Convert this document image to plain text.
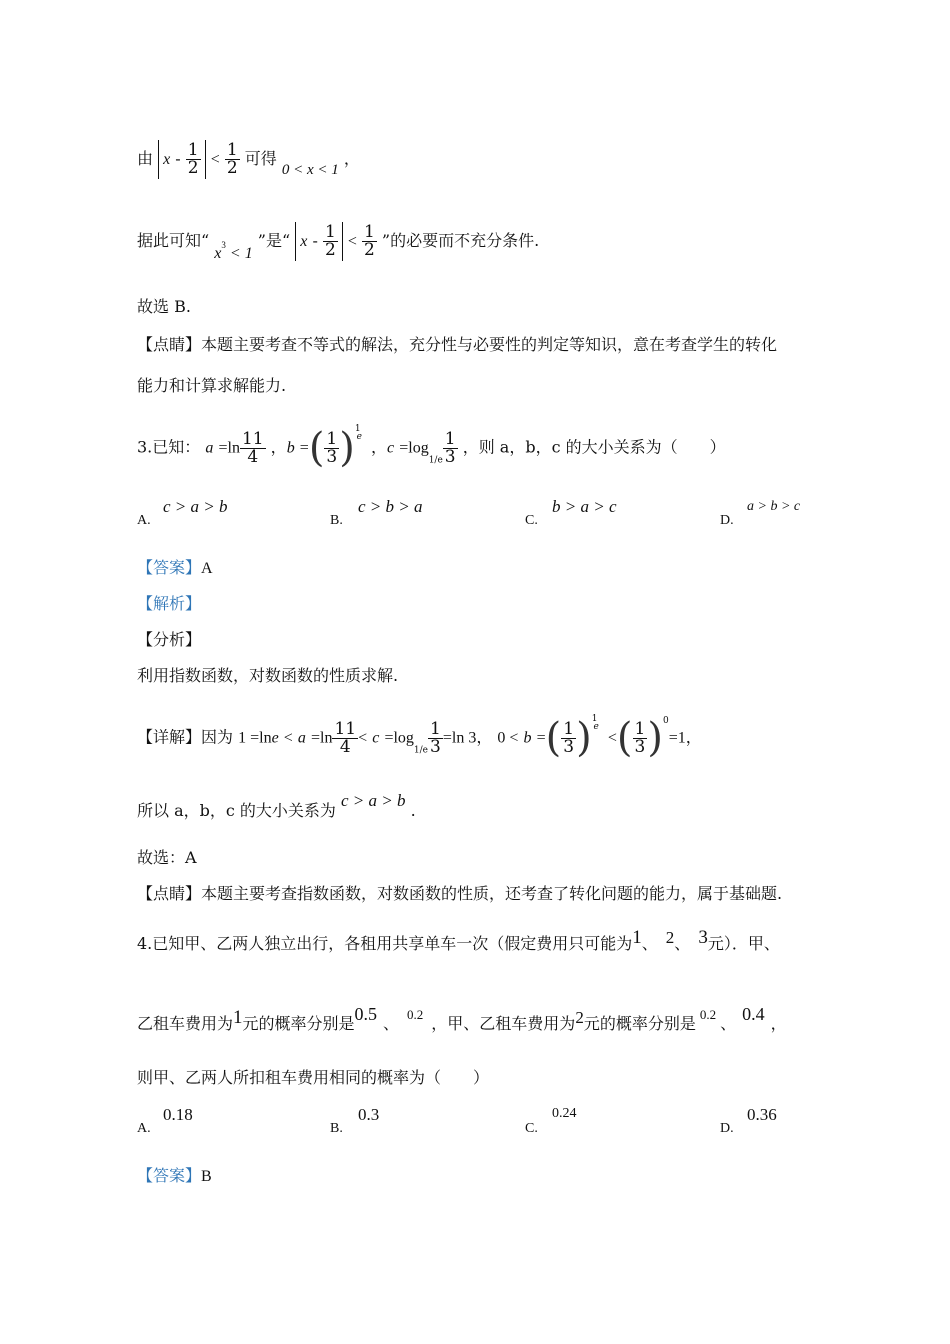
由 $x - \frac{1}{2} < \frac{1}{2}$ 可得 0 < x < 1 ，
据此可知“ $x^3 < 1$ ”是“ $x - \frac{1}{2} < \frac{1}{2}$ ”的必要而不充分条件.
故选 B.
【点睛】本题主要考查不等式的解法，充分性与必要性的判定等知识，意在考查学生的转化
能力和计算求解能力.
3.已知： $a =\ln \frac{11}{4}$ ，b =( $\frac{1}{3} )^{1e}$ ，$c =\log_{1/e} \frac{1}{3}$ ，则 a，b，c 的大小关系为（　　）
A.
c > a > b
B.
c > b > a
C.
b > a > c
D.
a > b > c
【答案】A
【解析】
【分析】
利用指数函数，对数函数的性质求解.
【详解】因为 $1 =\ln e < a =\ln \frac{11}{4} < c =\log_{1/e} \frac{1}{3} =\ln$ 3， 0 < b =( $\frac{1}{3} )^{1e}$ <( $\frac{1}{3} )^0=1$，
所以 a，b，c 的大小关系为 c > a > b .
故选：A
【点睛】本题主要考查指数函数，对数函数的性质，还考查了转化问题的能力，属于基础题.
4.已知甲、乙两人独立出行，各租用共享单车一次（假定费用只可能为1、 2、 3元）．甲、
乙租车费用为1元的概率分别是0.5 、 $^{0.2}$ ，甲、乙租车费用为2元的概率分别是 $^{0.2}$ 、 0.4 ，
则甲、乙两人所扣租车费用相同的概率为（　　）
A.
0.18
B.
0.3
C.
0.24
D.
0.36
【答案】B
